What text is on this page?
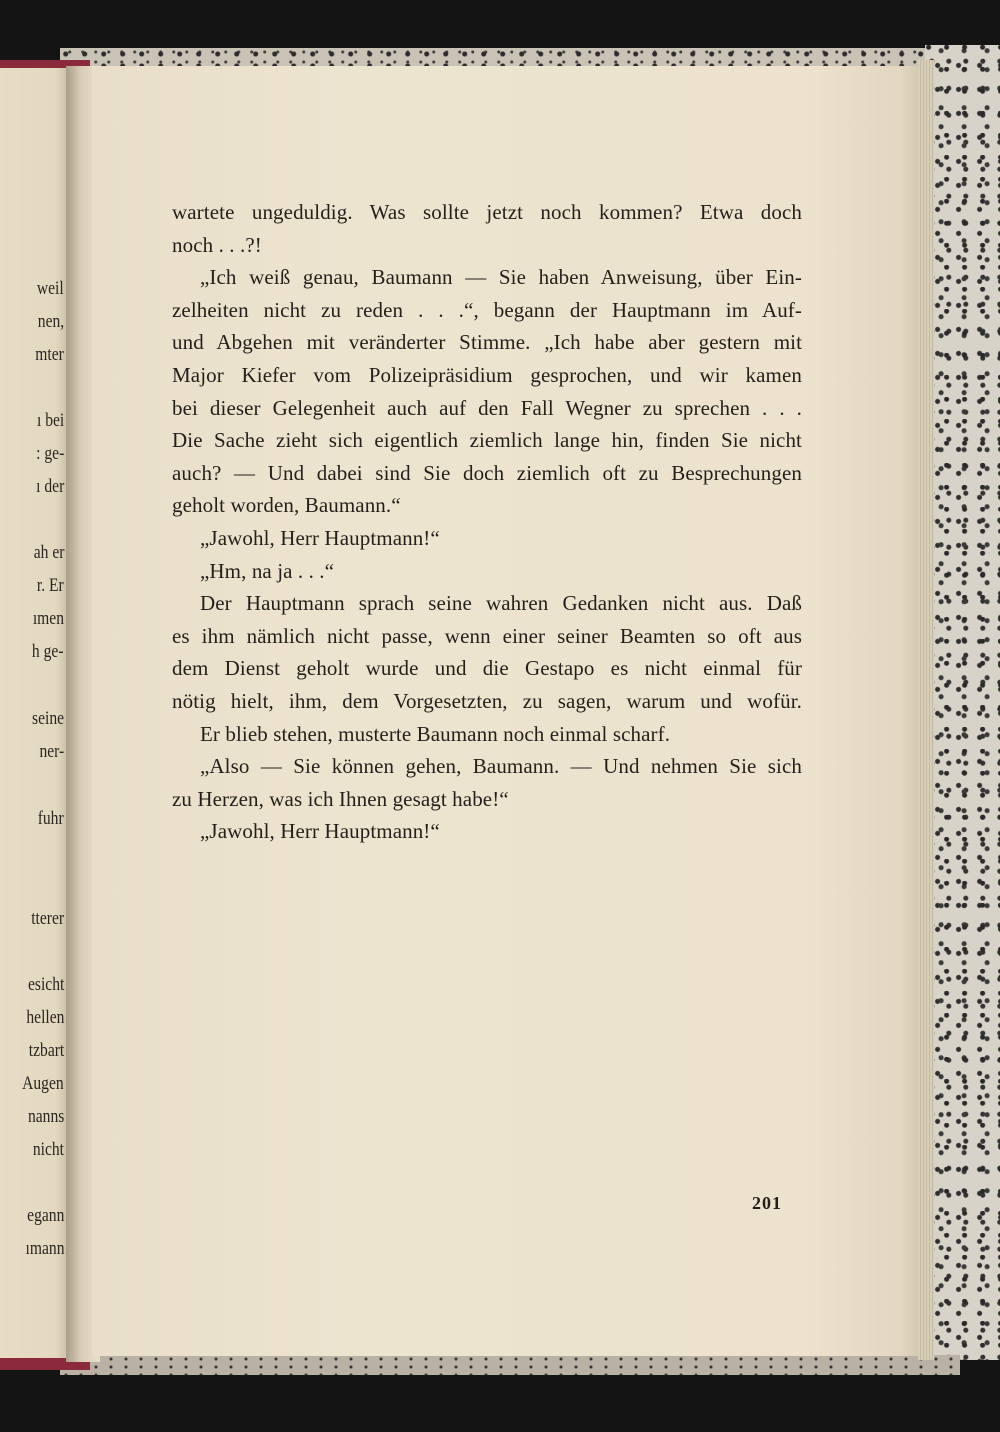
weil
nen,
mter
ı bei
: ge-
ı der
ah er
r. Er
ımen
h ge-
seine
ner-
fuhr
tterer
esicht
hellen
tzbart
Augen
nanns
nicht
egann
ımann
wartete ungeduldig. Was sollte jetzt noch kommen? Etwa doch
noch . . .?!
„Ich weiß genau, Baumann — Sie haben Anweisung, über Ein-
zelheiten nicht zu reden . . .“, begann der Hauptmann im Auf-
und Abgehen mit veränderter Stimme. „Ich habe aber gestern mit
Major Kiefer vom Polizeipräsidium gesprochen, und wir kamen
bei dieser Gelegenheit auch auf den Fall Wegner zu sprechen . . .
Die Sache zieht sich eigentlich ziemlich lange hin, finden Sie nicht
auch? — Und dabei sind Sie doch ziemlich oft zu Besprechungen
geholt worden, Baumann.“
„Jawohl, Herr Hauptmann!“
„Hm, na ja . . .“
Der Hauptmann sprach seine wahren Gedanken nicht aus. Daß
es ihm nämlich nicht passe, wenn einer seiner Beamten so oft aus
dem Dienst geholt wurde und die Gestapo es nicht einmal für
nötig hielt, ihm, dem Vorgesetzten, zu sagen, warum und wofür.
Er blieb stehen, musterte Baumann noch einmal scharf.
„Also — Sie können gehen, Baumann. — Und nehmen Sie sich
zu Herzen, was ich Ihnen gesagt habe!“
„Jawohl, Herr Hauptmann!“
201
